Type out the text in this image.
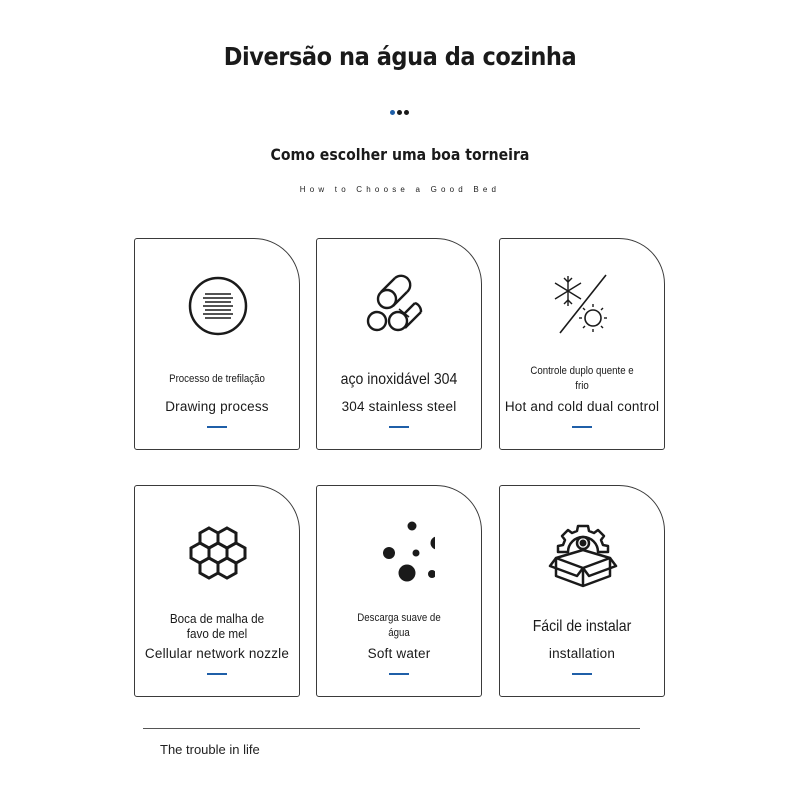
Diversão na água da cozinha
Como escolher uma boa torneira
How to Choose a Good Bed
Processo de trefilação
Drawing process
aço inoxidável 304
304 stainless steel
Controle duplo quente e
frio
Hot and cold dual control
Boca de malha de
favo de mel
Cellular network nozzle
Descarga suave de
água
Soft water
Fácil de instalar
installation
The trouble in life
